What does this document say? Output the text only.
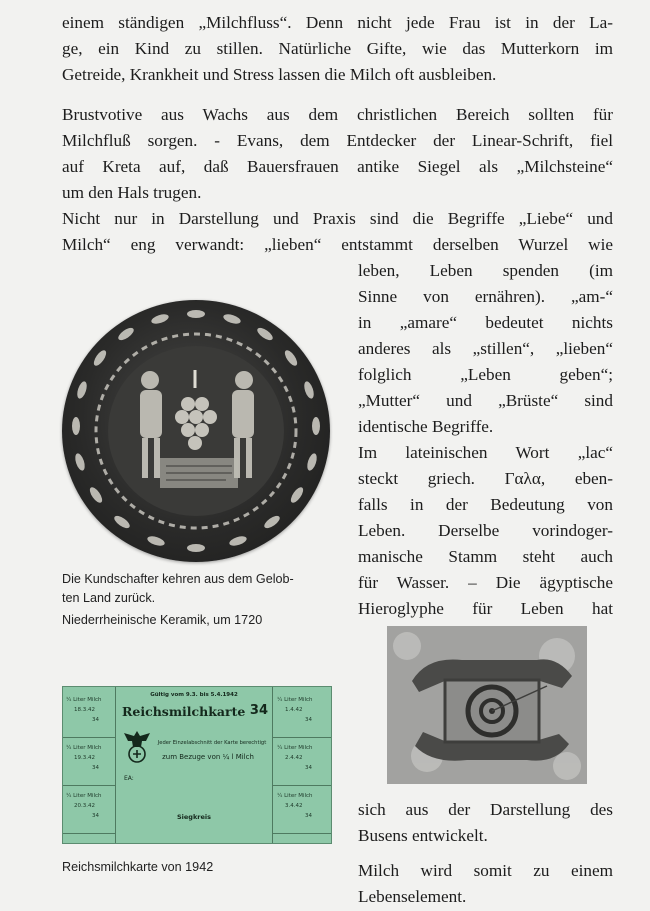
einem ständigen „Milchfluss“. Denn nicht jede Frau ist in der La-

ge, ein Kind zu stillen. Natürliche Gifte, wie das Mutterkorn im

Getreide, Krankheit und Stress lassen die Milch oft ausbleiben.

Brustvotive aus Wachs aus dem christlichen Bereich sollten für

Milchfluß sorgen. - Evans, dem Entdecker der Linear-Schrift, fiel

auf Kreta auf, daß Bauersfrauen antike Siegel als „Milchsteine“

um den Hals trugen.

Nicht nur in Darstellung und Praxis sind die Begriffe „Liebe“ und

Milch“ eng verwandt: „lieben“ entstammt derselben Wurzel wie

leben, Leben spenden (im

Sinne von ernähren). „am-“

in „amare“ bedeutet nichts

anderes als „stillen“, „lieben“

folglich „Leben geben“;

„Mutter“ und „Brüste“ sind

identische Begriffe.

Im lateinischen Wort „lac“

steckt griech. Γαλα, eben-

falls in der Bedeutung von

Leben. Derselbe vorindoger-

manische Stamm steht auch

für Wasser. – Die ägyptische

Hieroglyphe für Leben hat

sich aus der Darstellung des

Busens entwickelt.

Milch wird somit zu einem

Lebenselement.

Die Kundschafter kehren aus dem Gelob-

ten Land zurück.

Niederrheinische Keramik, um 1720

¼ Liter Milch
18.3.42
34
¼ Liter Milch
19.3.42
34
¼ Liter Milch
20.3.42
34
¼ Liter Milch
1.4.42
34
¼ Liter Milch
2.4.42
34
¼ Liter Milch
3.4.42
34
Gültig vom 9.3. bis 5.4.1942
Reichsmilchkarte 34
Jeder Einzelabschnitt der Karte berechtigt
zum Bezuge von ¼ l Milch
EA:
Siegkreis
Reichsmilchkarte von 1942
